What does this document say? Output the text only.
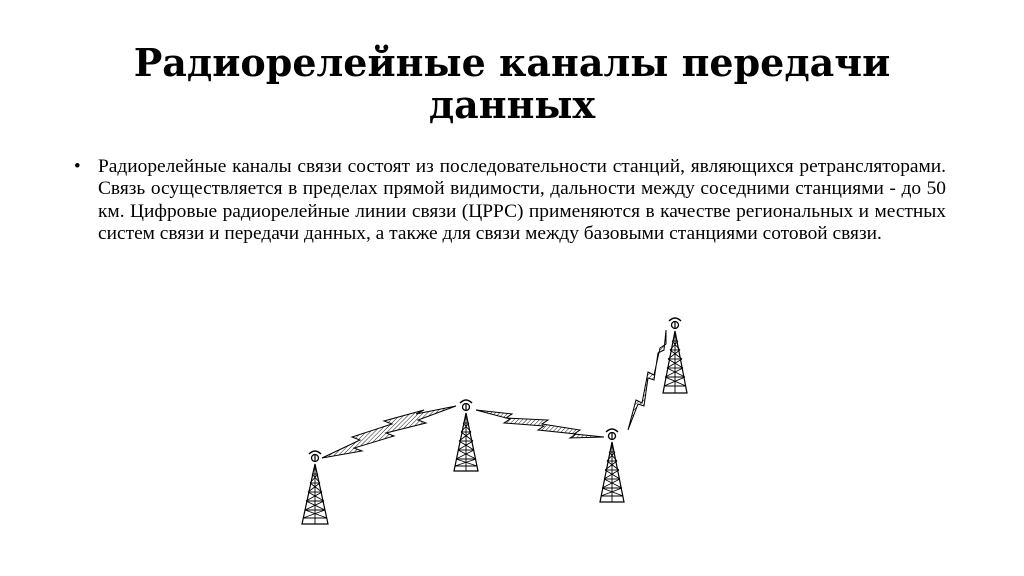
Радиорелейные каналы передачи данных
• Радиорелейные каналы связи состоят из последовательности станций, являющихся ретрансляторами. Связь осуществляется в пределах прямой видимости, дальности между соседними станциями - до 50 км. Цифровые радиорелейные линии связи (ЦРРС) применяются в качестве региональных и местных систем связи и передачи данных, а также для связи между базовыми станциями сотовой связи.
